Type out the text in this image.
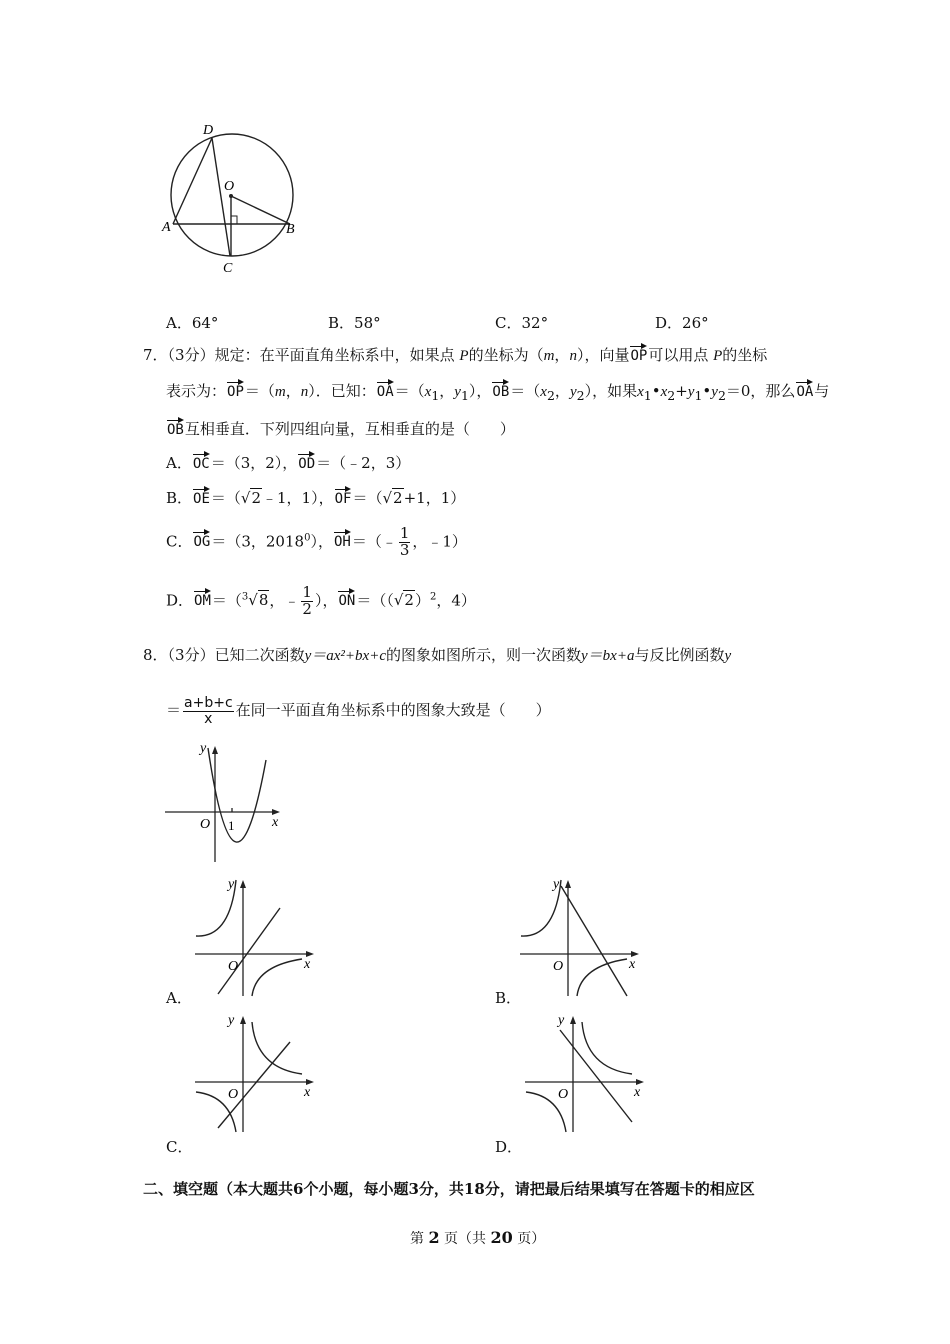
D
O
A	B
C
A．64°	B．58°	C．32°	D．26°
7．（3分）规定：在平面直角坐标系中，如果点 P的坐标为（m，n），向量OP可以用点 P的坐标
表示为：OP＝（m，n）．已知：$OA=(x_1$，$y_1$），$OB=(x_2$，$y_2$），如果$x_1•x_2+y_1•y_2=0$，那么OA与
OB互相垂直．下列四组向量，互相垂直的是（　　）
A．OC＝（3，2），OD＝（﹣2，3）
B．OE＝（√2﹣1，1），OF＝（√2+1，1）
C．OG＝（3，2018$^0$），OH＝（﹣ $\frac{1}{3}$ ，﹣1）
D．OM＝（$^3$√8，﹣ $\frac{1}{2}$ ），$ON=((√2)^2$，4）
8．（3分）已知二次函数y＝ax²+bx+c的图象如图所示，则一次函数y＝bx+a与反比例函数y
＝ $\frac{a+b+c}{x}$ 在同一平面直角坐标系中的图象大致是（　　）
y
x
O 1
y
x
O
A．
y
x
O
B．
y
x
O
C．
y
x
O
D．
二、填空题（本大题共6个小题，每小题3分，共18分，请把最后结果填写在答题卡的相应区
第 2 页（共 20 页）
